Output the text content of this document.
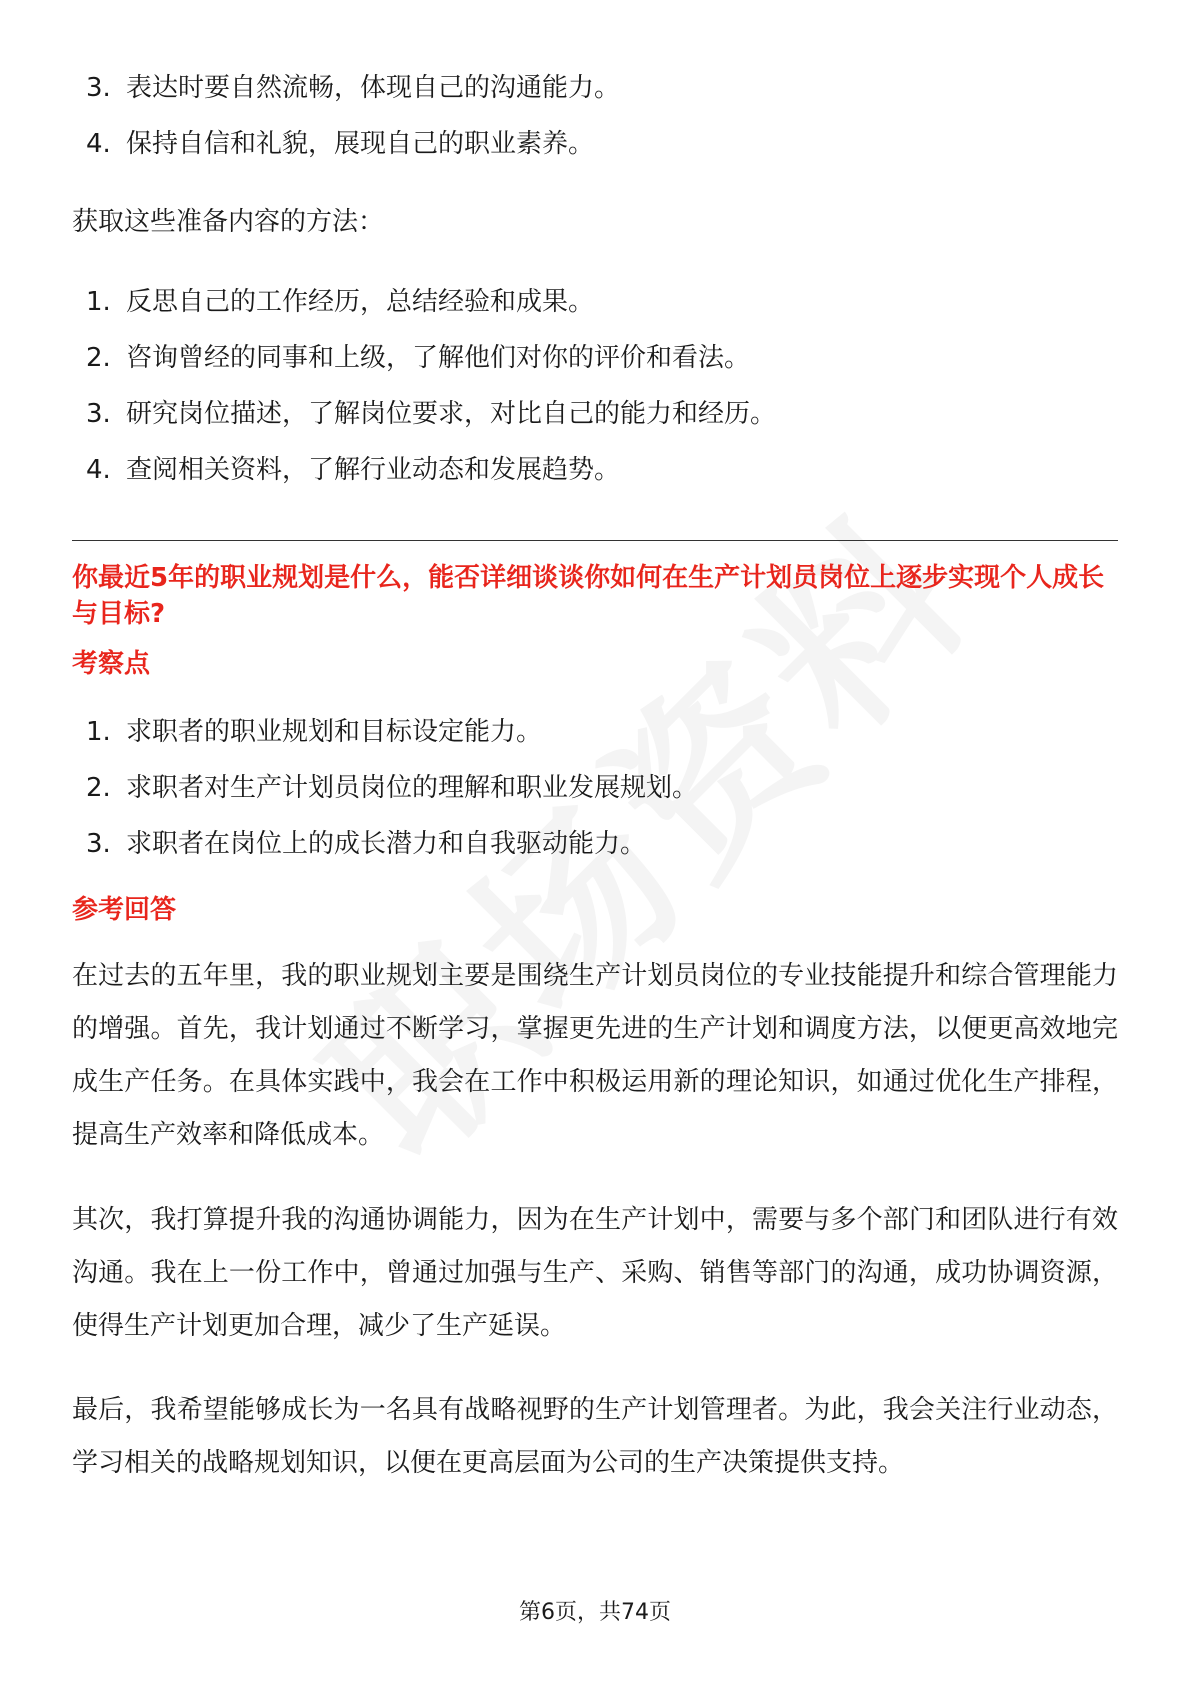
3. 表达时要自然流畅，体现自己的沟通能力。
4. 保持自信和礼貌，展现自己的职业素养。
获取这些准备内容的方法：
1. 反思自己的工作经历，总结经验和成果。
2. 咨询曾经的同事和上级，了解他们对你的评价和看法。
3. 研究岗位描述，了解岗位要求，对比自己的能力和经历。
4. 查阅相关资料，了解行业动态和发展趋势。
你最近5年的职业规划是什么，能否详细谈谈你如何在生产计划员岗位上逐步实现个人成长与目标?
考察点
1. 求职者的职业规划和目标设定能力。
2. 求职者对生产计划员岗位的理解和职业发展规划。
3. 求职者在岗位上的成长潜力和自我驱动能力。
参考回答
在过去的五年里，我的职业规划主要是围绕生产计划员岗位的专业技能提升和综合管理能力的增强。首先，我计划通过不断学习，掌握更先进的生产计划和调度方法，以便更高效地完成生产任务。在具体实践中，我会在工作中积极运用新的理论知识，如通过优化生产排程，提高生产效率和降低成本。
其次，我打算提升我的沟通协调能力，因为在生产计划中，需要与多个部门和团队进行有效沟通。我在上一份工作中，曾通过加强与生产、采购、销售等部门的沟通，成功协调资源，使得生产计划更加合理，减少了生产延误。
最后，我希望能够成长为一名具有战略视野的生产计划管理者。为此，我会关注行业动态，学习相关的战略规划知识，以便在更高层面为公司的生产决策提供支持。
第6页，共74页
